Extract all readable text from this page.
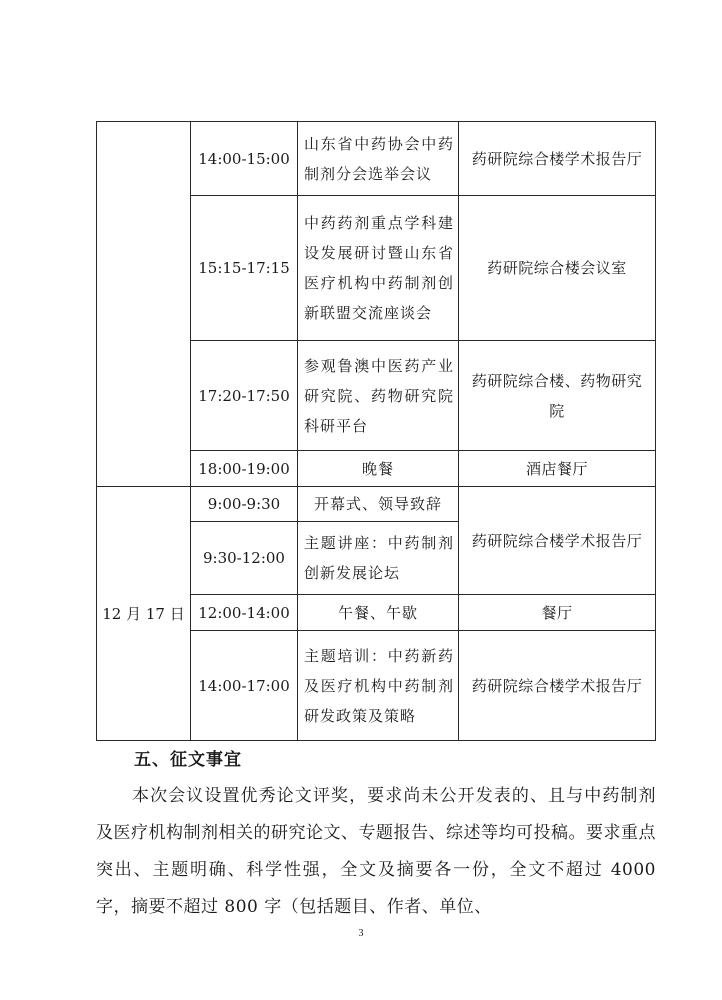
	14:00-15:00	山东省中药协会中药制剂分会选举会议	药研院综合楼学术报告厅
	15:15-17:15	中药药剂重点学科建设发展研讨暨山东省医疗机构中药制剂创新联盟交流座谈会	药研院综合楼会议室
	17:20-17:50	参观鲁澳中医药产业研究院、药物研究院科研平台	药研院综合楼、药物研究院
	18:00-19:00	晚餐	酒店餐厅
12 月 17 日	9:00-9:30	开幕式、领导致辞	药研院综合楼学术报告厅
	9:30-12:00	主题讲座：中药制剂创新发展论坛	
	12:00-14:00	午餐、午歇	餐厅
	14:00-17:00	主题培训：中药新药及医疗机构中药制剂研发政策及策略	药研院综合楼学术报告厅
五、征文事宜

本次会议设置优秀论文评奖，要求尚未公开发表的、且与中药制剂及医疗机构制剂相关的研究论文、专题报告、综述等均可投稿。要求重点突出、主题明确、科学性强，全文及摘要各一份，全文不超过 4000 字，摘要不超过 800 字（包括题目、作者、单位、

3
